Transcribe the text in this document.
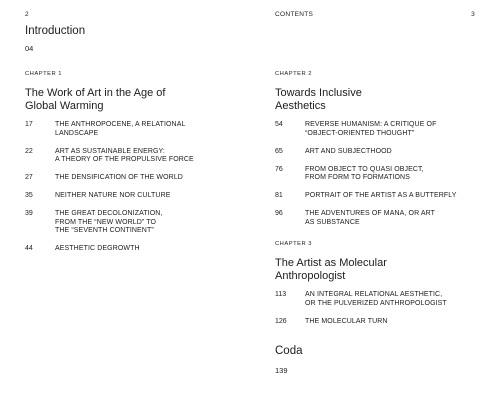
2
Introduction
04
CHAPTER 1
The Work of Art in the Age of Global Warming
17	THE ANTHROPOCENE, A RELATIONAL
LANDSCAPE
22	ART AS SUSTAINABLE ENERGY:
A THEORY OF THE PROPULSIVE FORCE
27	THE DENSIFICATION OF THE WORLD
35	NEITHER NATURE NOR CULTURE
39	THE GREAT DECOLONIZATION,
FROM THE “NEW WORLD” TO
THE “SEVENTH CONTINENT”
44	AESTHETIC DEGROWTH
CONTENTS	3
CHAPTER 2
Towards Inclusive Aesthetics
54	REVERSE HUMANISM: A CRITIQUE OF
“OBJECT-ORIENTED THOUGHT”
65	ART AND SUBJECTHOOD
76	FROM OBJECT TO QUASI OBJECT,
FROM FORM TO FORMATIONS
81	PORTRAIT OF THE ARTIST AS A BUTTERFLY
96	THE ADVENTURES OF MANA, OR ART
AS SUBSTANCE
CHAPTER 3
The Artist as Molecular Anthropologist
113	AN INTEGRAL RELATIONAL AESTHETIC,
OR THE PULVERIZED ANTHROPOLOGIST
126	THE MOLECULAR TURN
Coda
139
